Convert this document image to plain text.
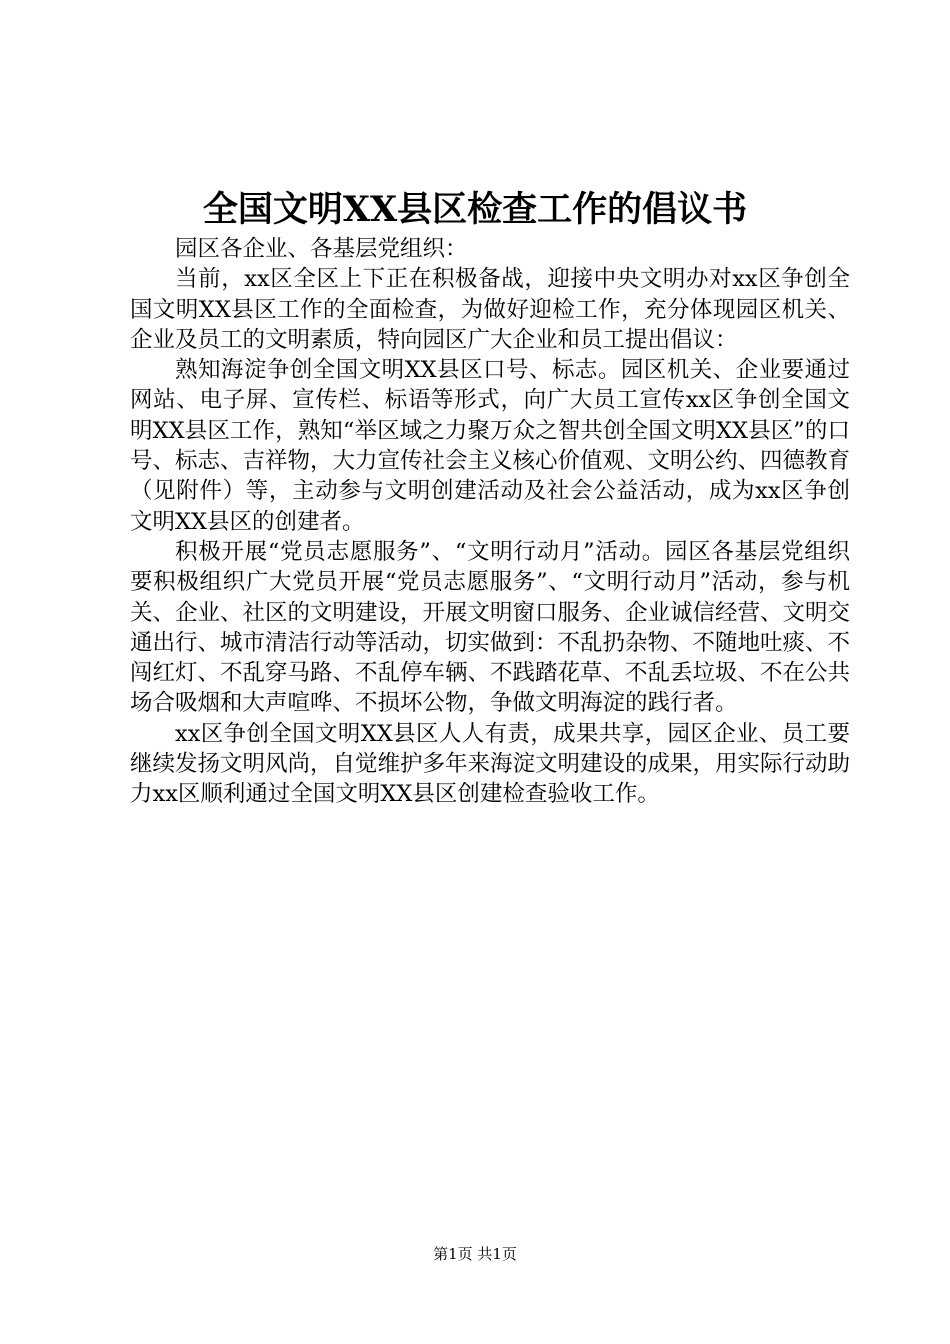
全国文明XX县区检查工作的倡议书

园区各企业、各基层党组织：

当前，xx区全区上下正在积极备战，迎接中央文明办对xx区争创全国文明XX县区工作的全面检查，为做好迎检工作，充分体现园区机关、企业及员工的文明素质，特向园区广大企业和员工提出倡议：

熟知海淀争创全国文明XX县区口号、标志。园区机关、企业要通过网站、电子屏、宣传栏、标语等形式，向广大员工宣传xx区争创全国文明XX县区工作，熟知“举区域之力聚万众之智共创全国文明XX县区”的口号、标志、吉祥物，大力宣传社会主义核心价值观、文明公约、四德教育（见附件）等，主动参与文明创建活动及社会公益活动，成为xx区争创文明XX县区的创建者。

积极开展“党员志愿服务”、“文明行动月”活动。园区各基层党组织要积极组织广大党员开展“党员志愿服务”、“文明行动月”活动，参与机关、企业、社区的文明建设，开展文明窗口服务、企业诚信经营、文明交通出行、城市清洁行动等活动，切实做到：不乱扔杂物、不随地吐痰、不闯红灯、不乱穿马路、不乱停车辆、不践踏花草、不乱丢垃圾、不在公共场合吸烟和大声喧哗、不损坏公物，争做文明海淀的践行者。

xx区争创全国文明XX县区人人有责，成果共享，园区企业、员工要继续发扬文明风尚，自觉维护多年来海淀文明建设的成果，用实际行动助力xx区顺利通过全国文明XX县区创建检查验收工作。

第1页 共1页
